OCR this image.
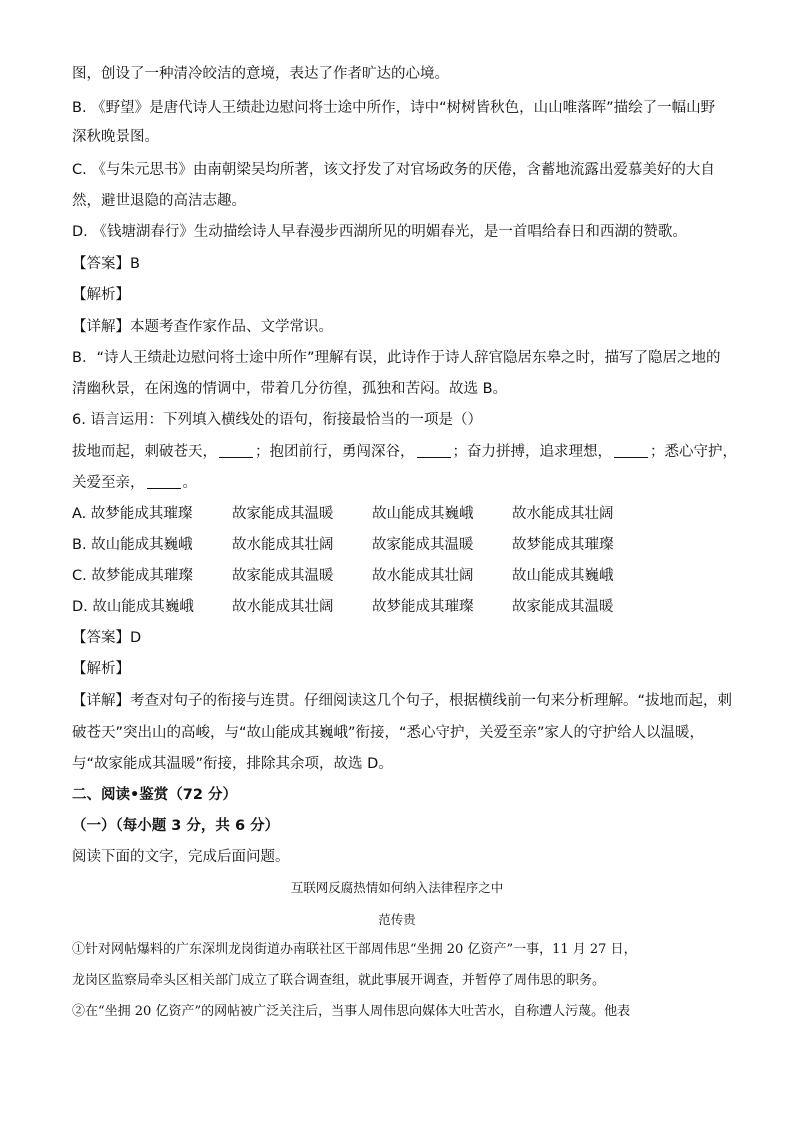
图，创设了一种清冷皎洁的意境，表达了作者旷达的心境。
B. 《野望》是唐代诗人王绩赴边慰问将士途中所作，诗中“树树皆秋色，山山唯落晖”描绘了一幅山野
深秋晚景图。
C. 《与朱元思书》由南朝梁吴均所著，该文抒发了对官场政务的厌倦，含蓄地流露出爱慕美好的大自
然，避世退隐的高洁志趣。
D. 《钱塘湖春行》生动描绘诗人早春漫步西湖所见的明媚春光，是一首唱给春日和西湖的赞歌。
【答案】B
【解析】
【详解】本题考查作家作品、文学常识。
B．“诗人王绩赴边慰问将士途中所作”理解有误，此诗作于诗人辞官隐居东皋之时，描写了隐居之地的
清幽秋景，在闲逸的情调中，带着几分彷徨，孤独和苦闷。故选 B。
6. 语言运用：下列填入横线处的语句，衔接最恰当的一项是（）
拔地而起，刺破苍天，	；抱团前行，勇闯深谷，	；奋力拼搏，追求理想，	；悉心守护，
关爱至亲，	。
A. 故梦能成其璀璨	故家能成其温暖	故山能成其巍峨	故水能成其壮阔
B. 故山能成其巍峨	故水能成其壮阔	故家能成其温暖	故梦能成其璀璨
C. 故梦能成其璀璨	故家能成其温暖	故水能成其壮阔	故山能成其巍峨
D. 故山能成其巍峨	故水能成其壮阔	故梦能成其璀璨	故家能成其温暖
【答案】D
【解析】
【详解】考查对句子的衔接与连贯。仔细阅读这几个句子，根据横线前一句来分析理解。“拔地而起，刺
破苍天”突出山的高峻，与“故山能成其巍峨”衔接，“悉心守护，关爱至亲”家人的守护给人以温暖，
与“故家能成其温暖”衔接，排除其余项，故选 D。
二、阅读•鉴赏（72 分）
（一）（每小题 3 分，共 6 分）
阅读下面的文字，完成后面问题。
互联网反腐热情如何纳入法律程序之中
范传贵
①针对网帖爆料的广东深圳龙岗街道办南联社区干部周伟思“坐拥 20 亿资产”一事，11 月 27 日，
龙岗区监察局牵头区相关部门成立了联合调查组，就此事展开调查，并暂停了周伟思的职务。
②在“坐拥 20 亿资产”的网帖被广泛关注后，当事人周伟思向媒体大吐苦水，自称遭人污蔑。他表
